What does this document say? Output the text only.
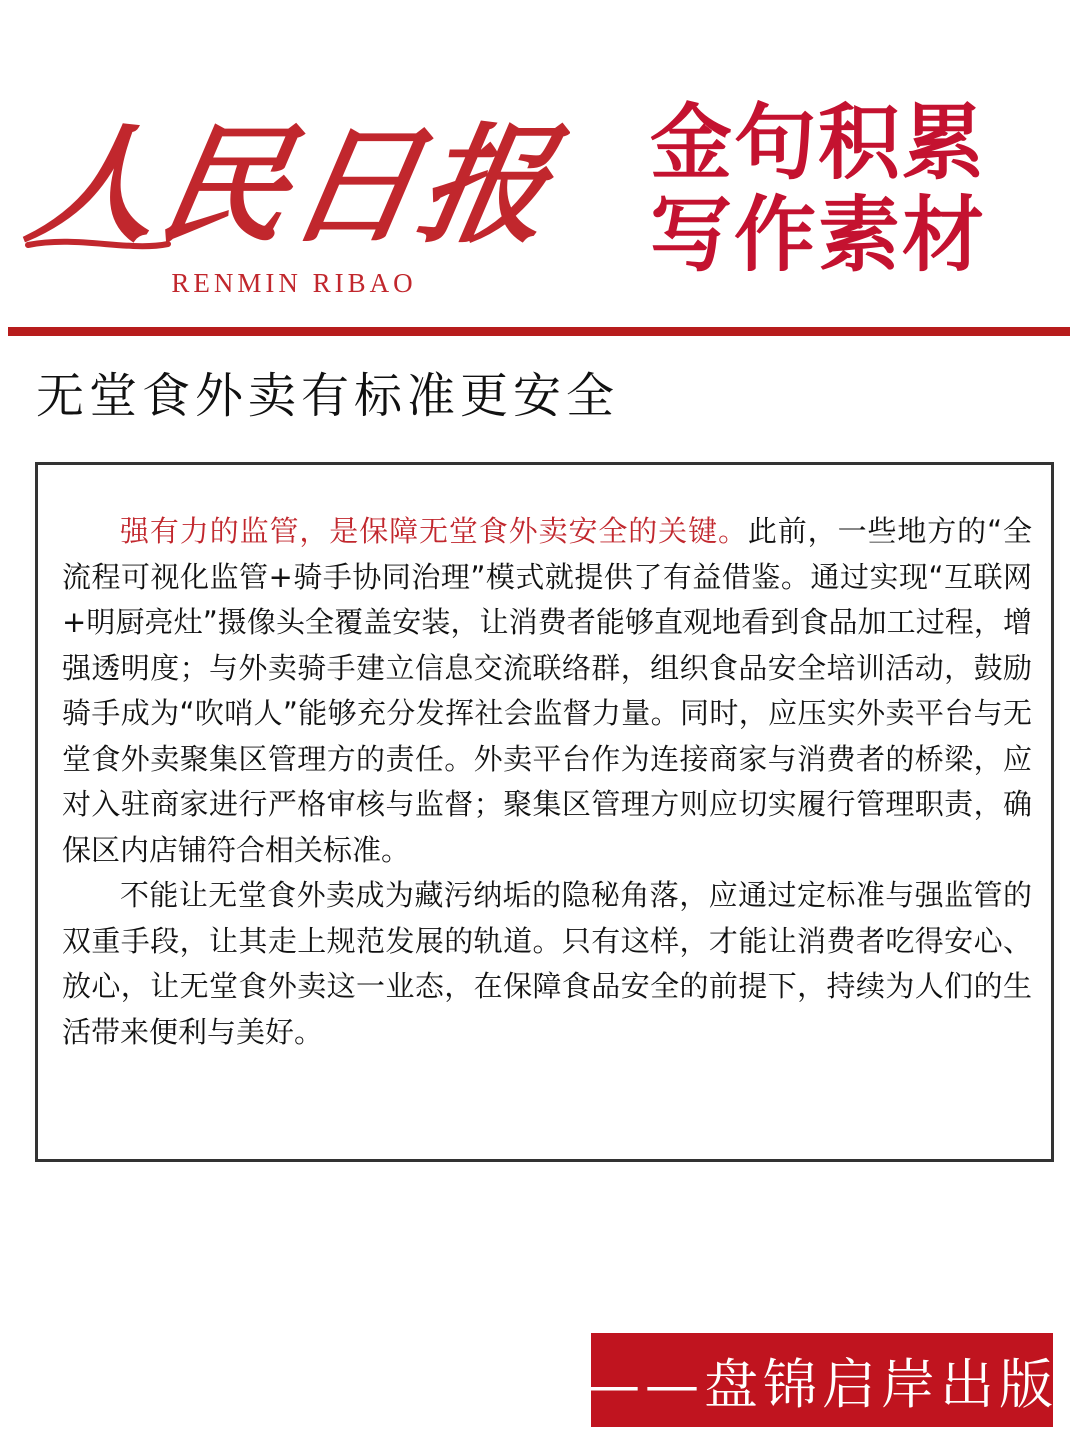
人民日报
RENMIN RIBAO
金句积累
写作素材
无堂食外卖有标准更安全

强有力的监管，是保障无堂食外卖安全的关键。此前，一些地方的“全流程可视化监管+骑手协同治理”模式就提供了有益借鉴。通过实现“互联网+明厨亮灶”摄像头全覆盖安装，让消费者能够直观地看到食品加工过程，增强透明度；与外卖骑手建立信息交流联络群，组织食品安全培训活动，鼓励骑手成为“吹哨人”能够充分发挥社会监督力量。同时，应压实外卖平台与无堂食外卖聚集区管理方的责任。外卖平台作为连接商家与消费者的桥梁，应对入驻商家进行严格审核与监督；聚集区管理方则应切实履行管理职责，确保区内店铺符合相关标准。

不能让无堂食外卖成为藏污纳垢的隐秘角落，应通过定标准与强监管的双重手段，让其走上规范发展的轨道。只有这样，才能让消费者吃得安心、放心，让无堂食外卖这一业态，在保障食品安全的前提下，持续为人们的生活带来便利与美好。

——盘锦启岸出版
